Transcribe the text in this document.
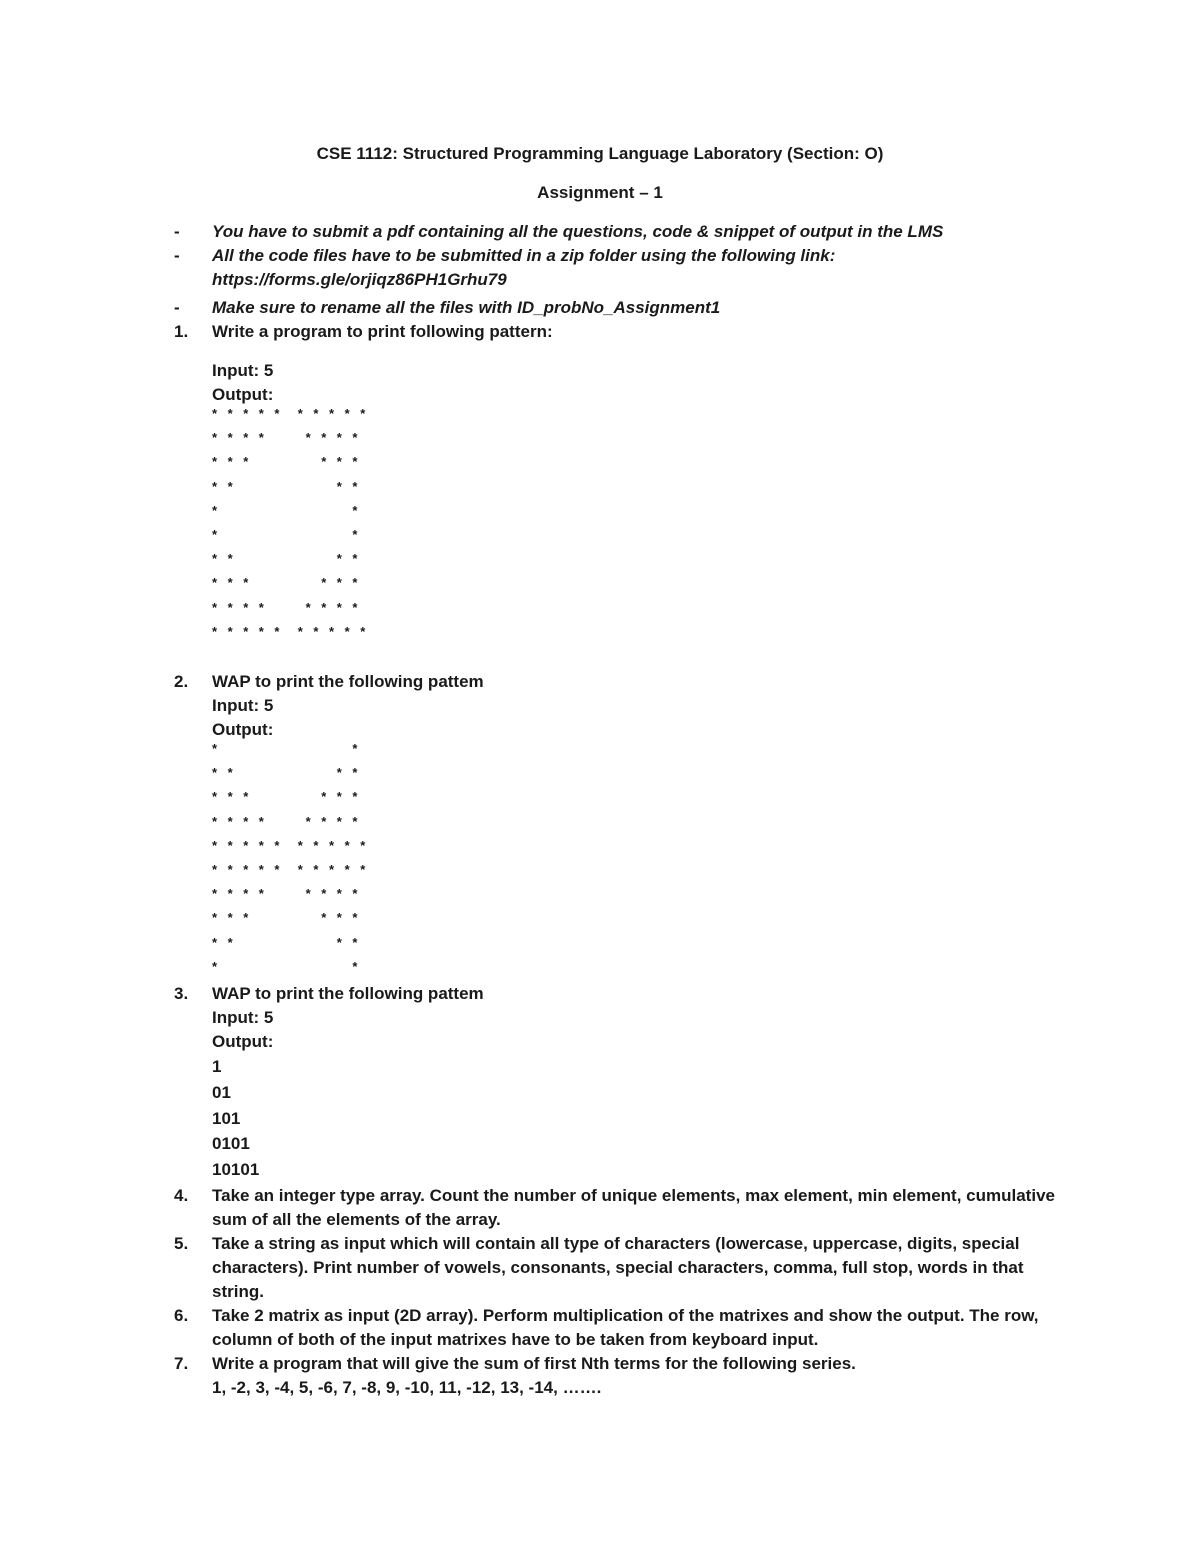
CSE 1112: Structured Programming Language Laboratory (Section: O)
Assignment – 1
- You have to submit a pdf containing all the questions, code & snippet of output in the LMS
- All the code files have to be submitted in a zip folder using the following link:
https://forms.gle/orjiqz86PH1Grhu79
- Make sure to rename all the files with ID_probNo_Assignment1
1. Write a program to print following pattern:
Input: 5
Output:
* * * * * * * * * *
* * * *	* * * *
* * *	* * *
* *	* *
*	*
*	*
* *	* *
* * *	* * *
* * * *	* * * *
* * * * * * * * * *
2. WAP to print the following pattem
Input: 5
Output:
*	*
* *	* *
* * *	* * *
* * * *	* * * *
* * * * * * * * * *
* * * * * * * * * *
* * * *	* * * *
* * *	* * *
* *	* *
*	*
3. WAP to print the following pattem
Input: 5
Output:
1
01
101
0101
10101
4. Take an integer type array. Count the number of unique elements, max element, min element, cumulative
sum of all the elements of the array.
5. Take a string as input which will contain all type of characters (lowercase, uppercase, digits, special
characters). Print number of vowels, consonants, special characters, comma, full stop, words in that
string.
6. Take 2 matrix as input (2D array). Perform multiplication of the matrixes and show the output. The row,
column of both of the input matrixes have to be taken from keyboard input.
7. Write a program that will give the sum of first Nth terms for the following series.
1, -2, 3, -4, 5, -6, 7, -8, 9, -10, 11, -12, 13, -14, …….
